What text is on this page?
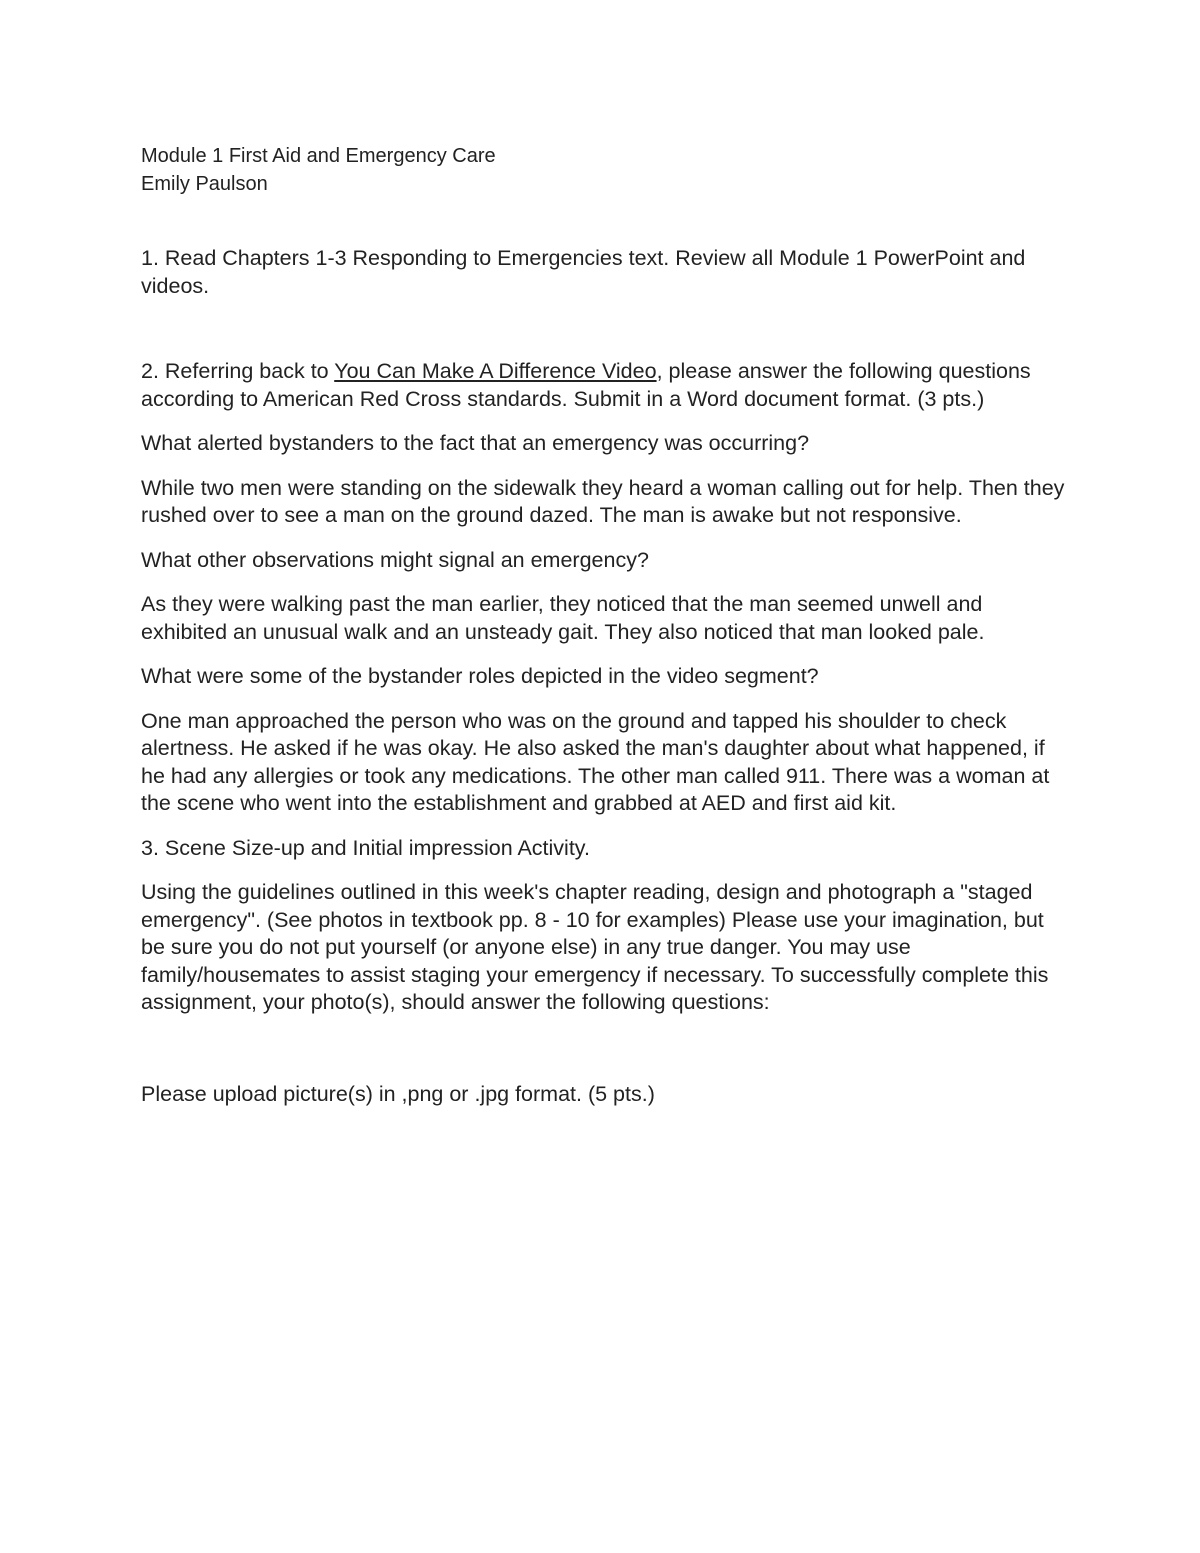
Module 1 First Aid and Emergency Care
Emily Paulson

1. Read Chapters 1-3 Responding to Emergencies text. Review all Module 1 PowerPoint and videos.

2. Referring back to You Can Make A Difference Video, please answer the following questions according to American Red Cross standards. Submit in a Word document format. (3 pts.)

What alerted bystanders to the fact that an emergency was occurring?

While two men were standing on the sidewalk they heard a woman calling out for help. Then they rushed over to see a man on the ground dazed. The man is awake but not responsive.

What other observations might signal an emergency?

As they were walking past the man earlier, they noticed that the man seemed unwell and exhibited an unusual walk and an unsteady gait. They also noticed that man looked pale.

What were some of the bystander roles depicted in the video segment?

One man approached the person who was on the ground and tapped his shoulder to check alertness. He asked if he was okay. He also asked the man's daughter about what happened, if he had any allergies or took any medications. The other man called 911. There was a woman at the scene who went into the establishment and grabbed at AED and first aid kit.

3. Scene Size-up and Initial impression Activity.

Using the guidelines outlined in this week's chapter reading, design and photograph a "staged emergency". (See photos in textbook pp. 8 - 10 for examples) Please use your imagination, but be sure you do not put yourself (or anyone else) in any true danger. You may use family/housemates to assist staging your emergency if necessary. To successfully complete this assignment, your photo(s), should answer the following questions:

Please upload picture(s) in ,png or .jpg format. (5 pts.)
